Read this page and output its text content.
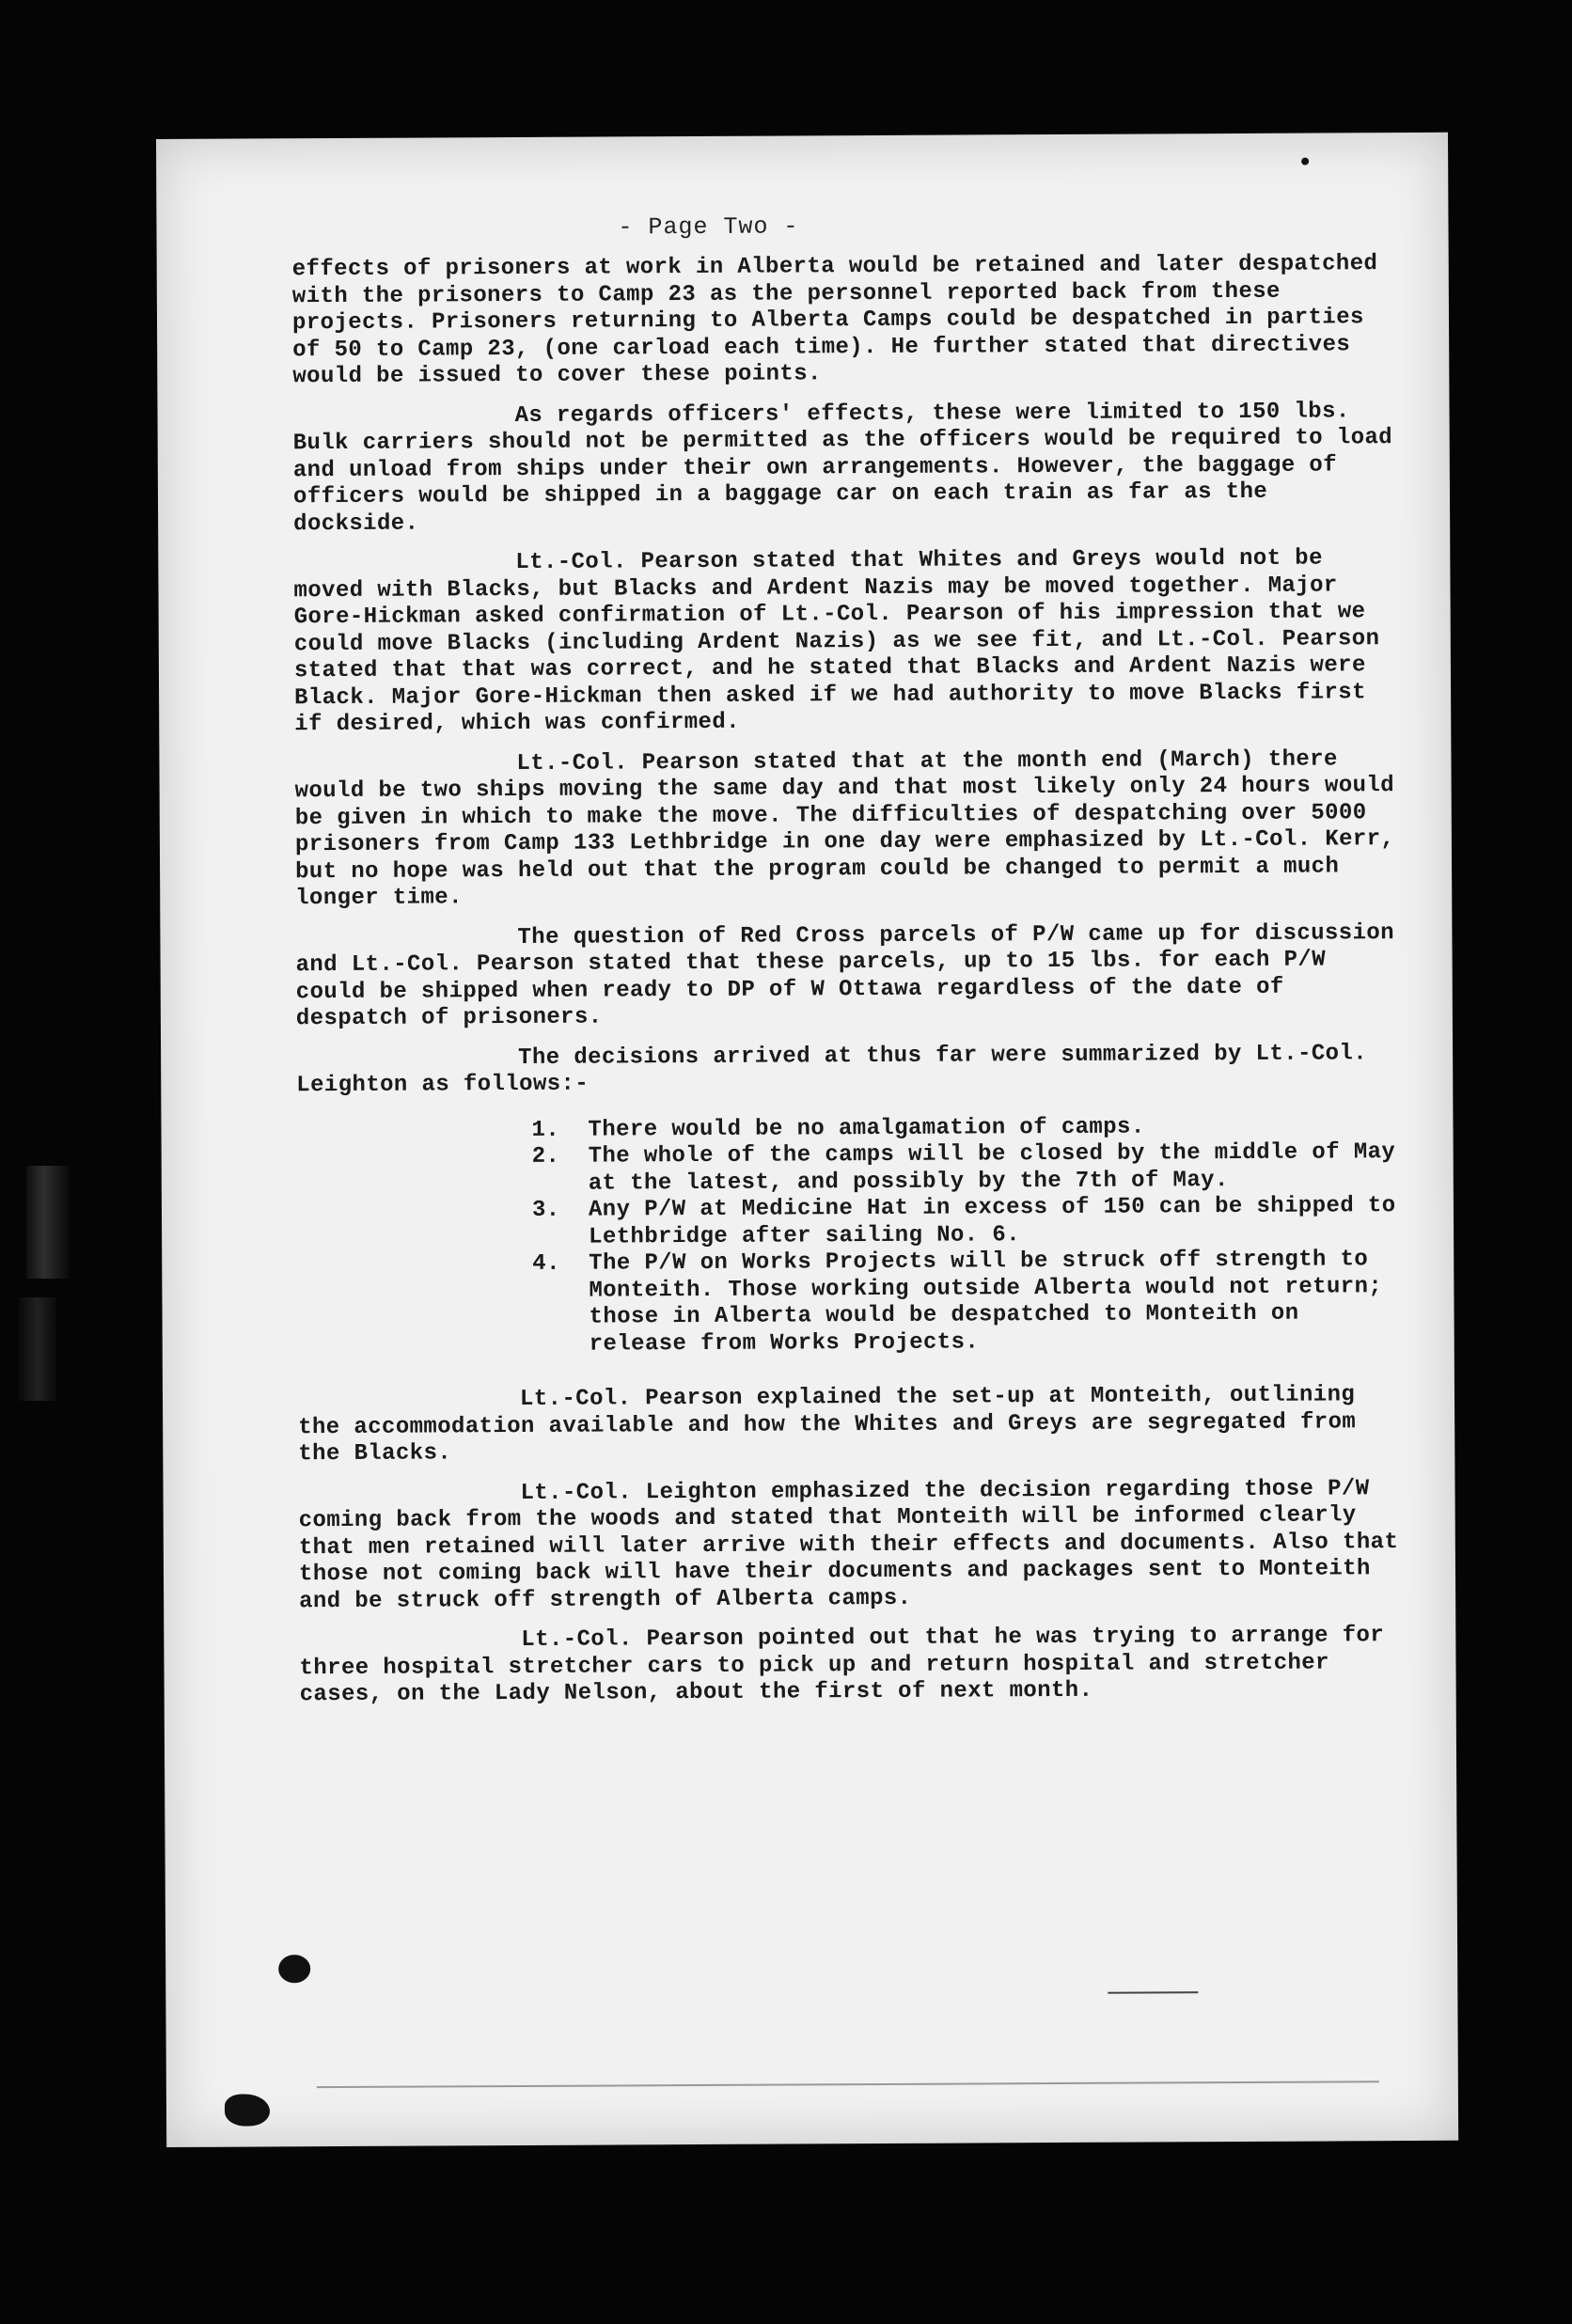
- Page Two -

effects of prisoners at work in Alberta would be retained and later despatched with the prisoners to Camp 23 as the personnel reported back from these projects. Prisoners returning to Alberta Camps could be despatched in parties of 50 to Camp 23, (one carload each time). He further stated that directives would be issued to cover these points.

As regards officers' effects, these were limited to 150 lbs. Bulk carriers should not be permitted as the officers would be required to load and unload from ships under their own arrangements. However, the baggage of officers would be shipped in a baggage car on each train as far as the dockside.

Lt.-Col. Pearson stated that Whites and Greys would not be moved with Blacks, but Blacks and Ardent Nazis may be moved together. Major Gore-Hickman asked confirmation of Lt.-Col. Pearson of his impression that we could move Blacks (including Ardent Nazis) as we see fit, and Lt.-Col. Pearson stated that that was correct, and he stated that Blacks and Ardent Nazis were Black. Major Gore-Hickman then asked if we had authority to move Blacks first if desired, which was confirmed.

Lt.-Col. Pearson stated that at the month end (March) there would be two ships moving the same day and that most likely only 24 hours would be given in which to make the move. The difficulties of despatching over 5000 prisoners from Camp 133 Lethbridge in one day were emphasized by Lt.-Col. Kerr, but no hope was held out that the program could be changed to permit a much longer time.

The question of Red Cross parcels of P/W came up for discussion and Lt.-Col. Pearson stated that these parcels, up to 15 lbs. for each P/W could be shipped when ready to DP of W Ottawa regardless of the date of despatch of prisoners.

The decisions arrived at thus far were summarized by Lt.-Col. Leighton as follows:-

1.	There would be no amalgamation of camps.
2.	The whole of the camps will be closed by the middle of May at the latest, and possibly by the 7th of May.
3.	Any P/W at Medicine Hat in excess of 150 can be shipped to Lethbridge after sailing No. 6.
4.	The P/W on Works Projects will be struck off strength to Monteith. Those working outside Alberta would not return; those in Alberta would be despatched to Monteith on release from Works Projects.

Lt.-Col. Pearson explained the set-up at Monteith, outlining the accommodation available and how the Whites and Greys are segregated from the Blacks.

Lt.-Col. Leighton emphasized the decision regarding those P/W coming back from the woods and stated that Monteith will be informed clearly that men retained will later arrive with their effects and documents. Also that those not coming back will have their documents and packages sent to Monteith and be struck off strength of Alberta camps.

Lt.-Col. Pearson pointed out that he was trying to arrange for three hospital stretcher cars to pick up and return hospital and stretcher cases, on the Lady Nelson, about the first of next month.
